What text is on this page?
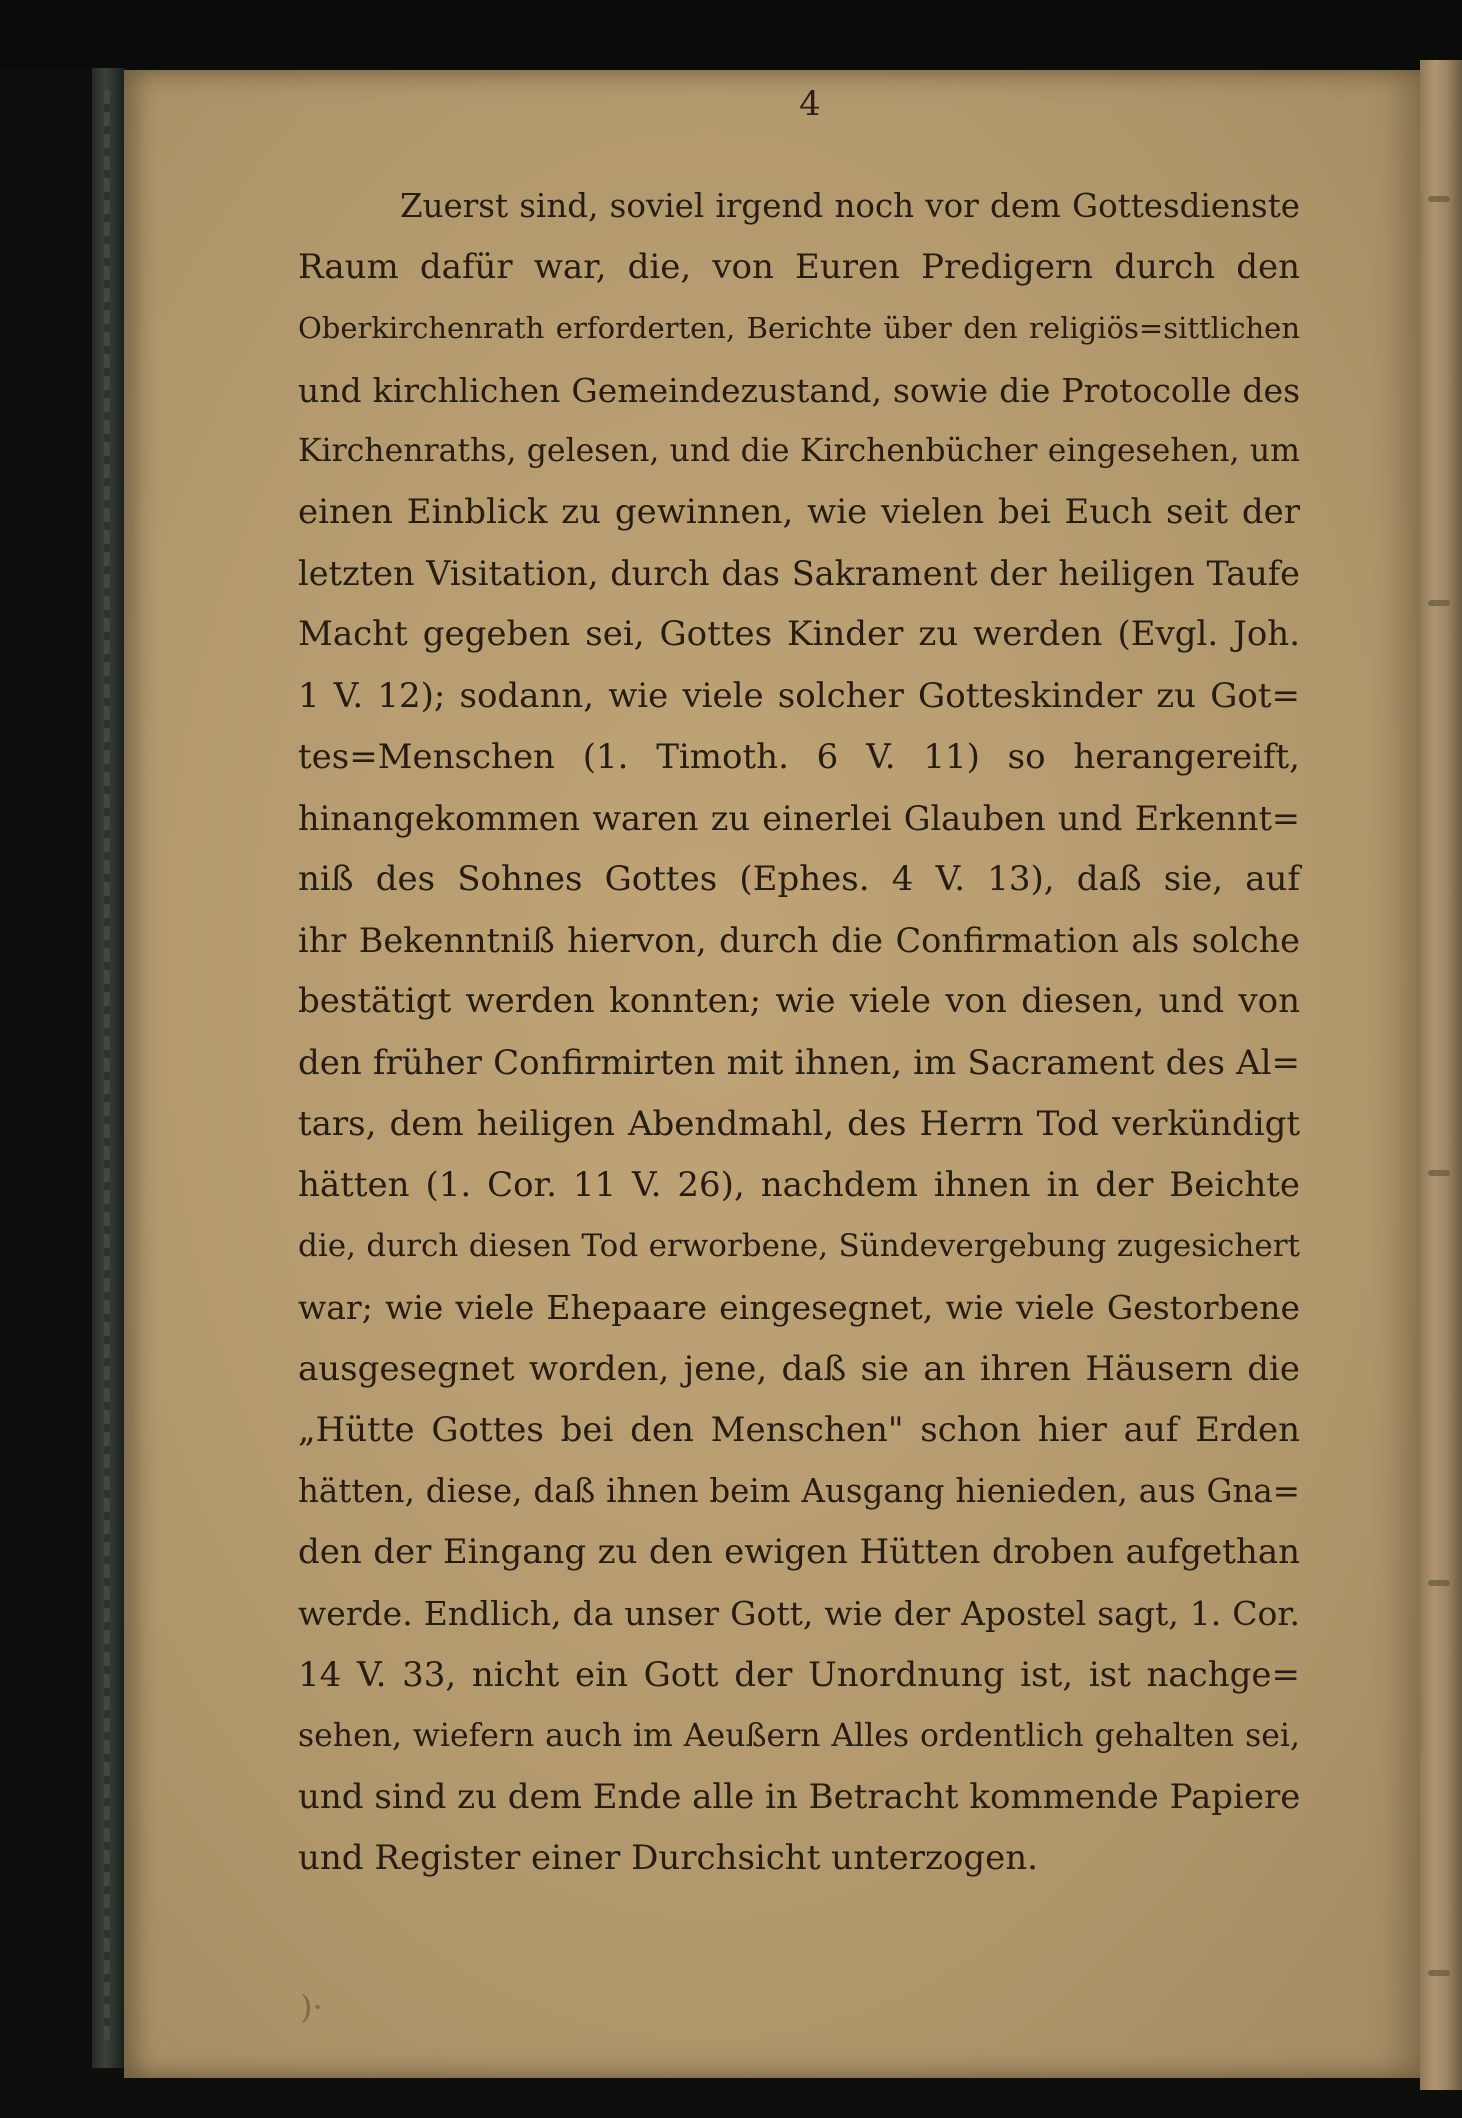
4
Zuerst sind, soviel irgend noch vor dem Gottesdienste
Raum dafür war, die, von Euren Predigern durch den
Oberkirchenrath erforderten, Berichte über den religiös=sittlichen
und kirchlichen Gemeindezustand, sowie die Protocolle des
Kirchenraths, gelesen, und die Kirchenbücher eingesehen, um
einen Einblick zu gewinnen, wie vielen bei Euch seit der
letzten Visitation, durch das Sakrament der heiligen Taufe
Macht gegeben sei, Gottes Kinder zu werden (Evgl. Joh.
1 V. 12); sodann, wie viele solcher Gotteskinder zu Got=
tes=Menschen (1. Timoth. 6 V. 11) so herangereift,
hinangekommen waren zu einerlei Glauben und Erkennt=
niß des Sohnes Gottes (Ephes. 4 V. 13), daß sie, auf
ihr Bekenntniß hiervon, durch die Confirmation als solche
bestätigt werden konnten; wie viele von diesen, und von
den früher Confirmirten mit ihnen, im Sacrament des Al=
tars, dem heiligen Abendmahl, des Herrn Tod verkündigt
hätten (1. Cor. 11 V. 26), nachdem ihnen in der Beichte
die, durch diesen Tod erworbene, Sündevergebung zugesichert
war; wie viele Ehepaare eingesegnet, wie viele Gestorbene
ausgesegnet worden, jene, daß sie an ihren Häusern die
„Hütte Gottes bei den Menschen" schon hier auf Erden
hätten, diese, daß ihnen beim Ausgang hienieden, aus Gna=
den der Eingang zu den ewigen Hütten droben aufgethan
werde. Endlich, da unser Gott, wie der Apostel sagt, 1. Cor.
14 V. 33, nicht ein Gott der Unordnung ist, ist nachge=
sehen, wiefern auch im Aeußern Alles ordentlich gehalten sei,
und sind zu dem Ende alle in Betracht kommende Papiere
und Register einer Durchsicht unterzogen.
)·
